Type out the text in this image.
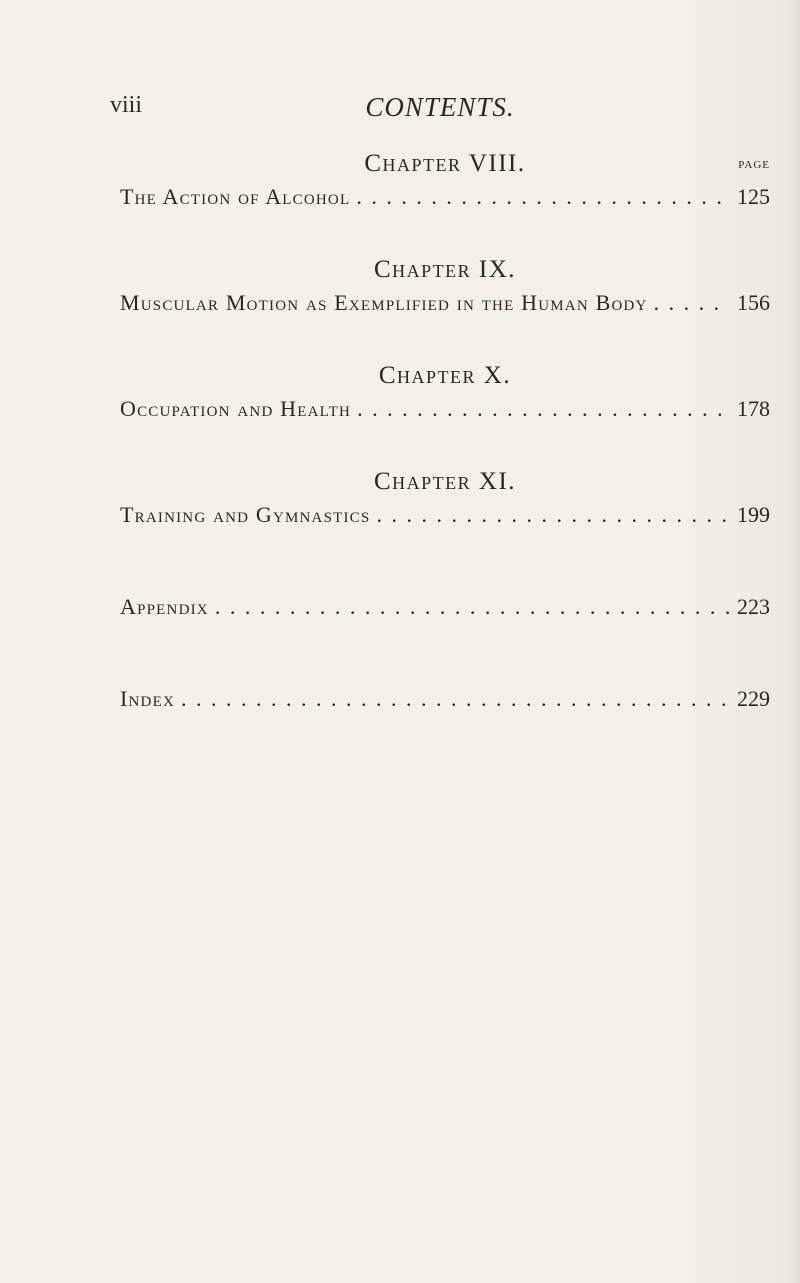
viii	CONTENTS.
Chapter VIII.	page
The Action of Alcohol . . .	125
Chapter IX.
Muscular Motion as Exemplified in the Human Body . . .	156
Chapter X.
Occupation and Health . . .	178
Chapter XI.
Training and Gymnastics . . .	199
Appendix . . .	223
Index . . .	229
